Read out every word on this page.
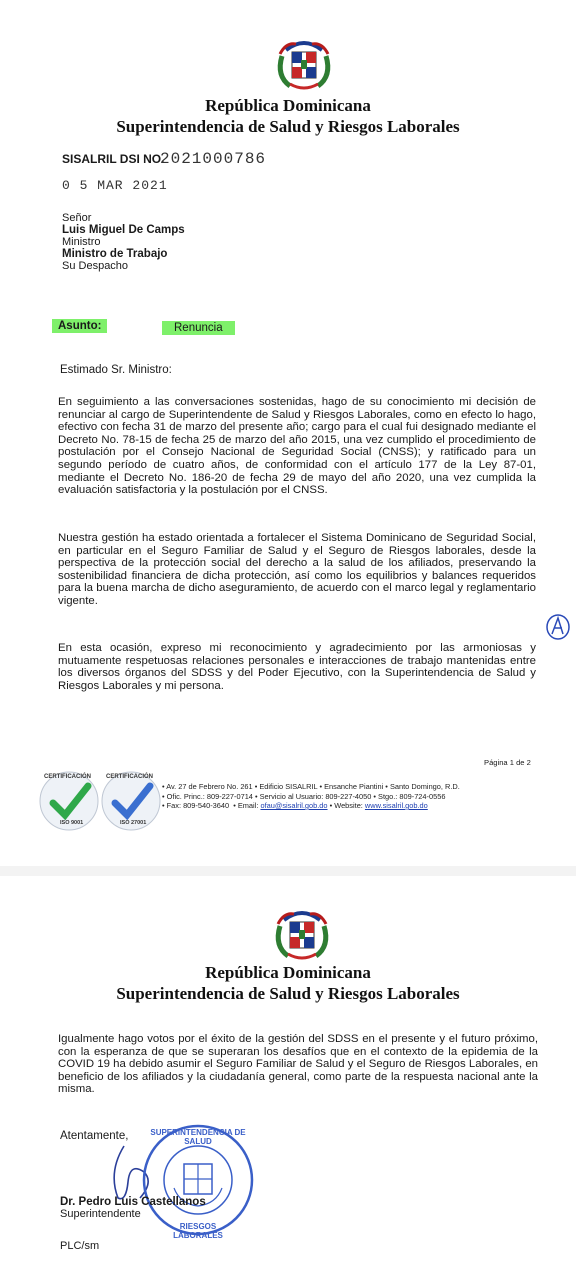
República Dominicana
Superintendencia de Salud y Riesgos Laborales
SISALRIL DSI NO.
2021000786
0 5 MAR 2021
Señor
Luis Miguel De Camps
Ministro
Ministro de Trabajo
Su Despacho
Asunto:	Renuncia
Estimado Sr. Ministro:
En seguimiento a las conversaciones sostenidas, hago de su conocimiento mi decisión de renunciar al cargo de Superintendente de Salud y Riesgos Laborales, como en efecto lo hago, efectivo con fecha 31 de marzo del presente año; cargo para el cual fui designado mediante el Decreto No. 78-15 de fecha 25 de marzo del año 2015, una vez cumplido el procedimiento de postulación por el Consejo Nacional de Seguridad Social (CNSS); y ratificado para un segundo período de cuatro años, de conformidad con el artículo 177 de la Ley 87-01, mediante el Decreto No. 186-20 de fecha 29 de mayo del año 2020, una vez cumplida la evaluación satisfactoria y la postulación por el CNSS.
Nuestra gestión ha estado orientada a fortalecer el Sistema Dominicano de Seguridad Social, en particular en el Seguro Familiar de Salud y el Seguro de Riesgos laborales, desde la perspectiva de la protección social del derecho a la salud de los afiliados, preservando la sostenibilidad financiera de dicha protección, así como los equilibrios y balances requeridos para la buena marcha de dicho aseguramiento, de acuerdo con el marco legal y reglamentario vigente.
En esta ocasión, expreso mi reconocimiento y agradecimiento por las armoniosas y mutuamente respetuosas relaciones personales e interacciones de trabajo mantenidas entre los diversos órganos del SDSS y del Poder Ejecutivo, con la Superintendencia de Salud y Riesgos Laborales y mi persona.
Página 1 de 2
CERTIFICACIÓN
ISO 9001
CERTIFICACIÓN
ISO 27001
• Av. 27 de Febrero No. 261 • Edificio SISALRIL • Ensanche Piantini • Santo Domingo, R.D.
• Ofic. Princ.: 809-227-0714 • Servicio al Usuario: 809-227-4050 • Stgo.: 809-724-0556
• Fax: 809-540-3640 • Email: ofau@sisalril.gob.do • Website: www.sisalril.gob.do
República Dominicana
Superintendencia de Salud y Riesgos Laborales
Igualmente hago votos por el éxito de la gestión del SDSS en el presente y el futuro próximo, con la esperanza de que se superaran los desafíos que en el contexto de la epidemia de la COVID 19 ha debido asumir el Seguro Familiar de Salud y el Seguro de Riesgos Laborales, en beneficio de los afiliados y la ciudadanía general, como parte de la respuesta nacional ante la misma.
Atentamente,	SUPERINTENDENCIA DE SALUD
RIESGOS LABORALES
Dr. Pedro Luis Castellanos
Superintendente
PLC/sm
